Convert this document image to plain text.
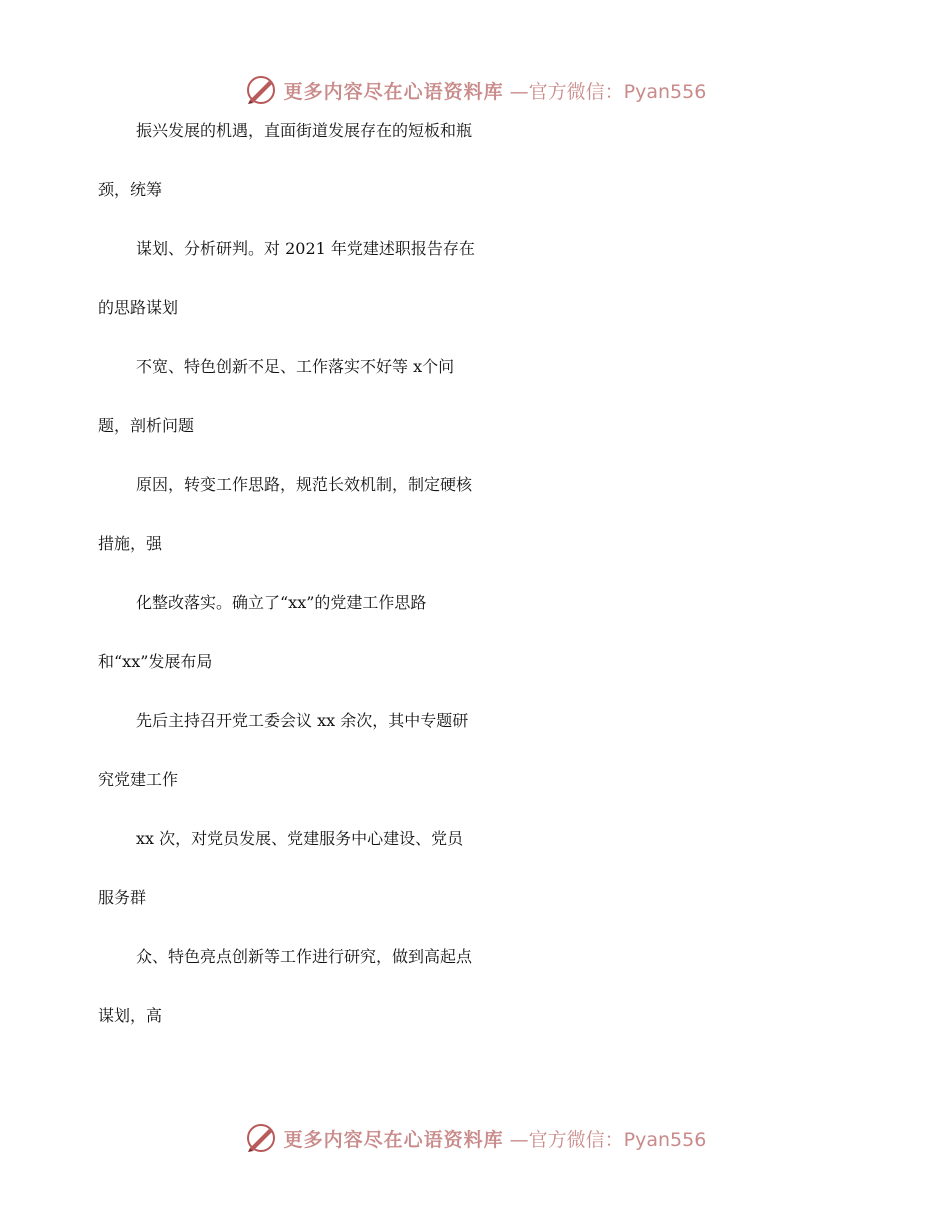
更多内容尽在心语资料库 —官方微信：Pyan556
振兴发展的机遇，直面街道发展存在的短板和瓶
颈，统筹
谋划、分析研判。对 2021 年党建述职报告存在
的思路谋划
不宽、特色创新不足、工作落实不好等 x个问
题，剖析问题
原因，转变工作思路，规范长效机制，制定硬核
措施，强
化整改落实。确立了“xx”的党建工作思路
和“xx”发展布局
先后主持召开党工委会议 xx 余次，其中专题研
究党建工作
xx 次，对党员发展、党建服务中心建设、党员
服务群
众、特色亮点创新等工作进行研究，做到高起点
谋划，高
更多内容尽在心语资料库 —官方微信：Pyan556
